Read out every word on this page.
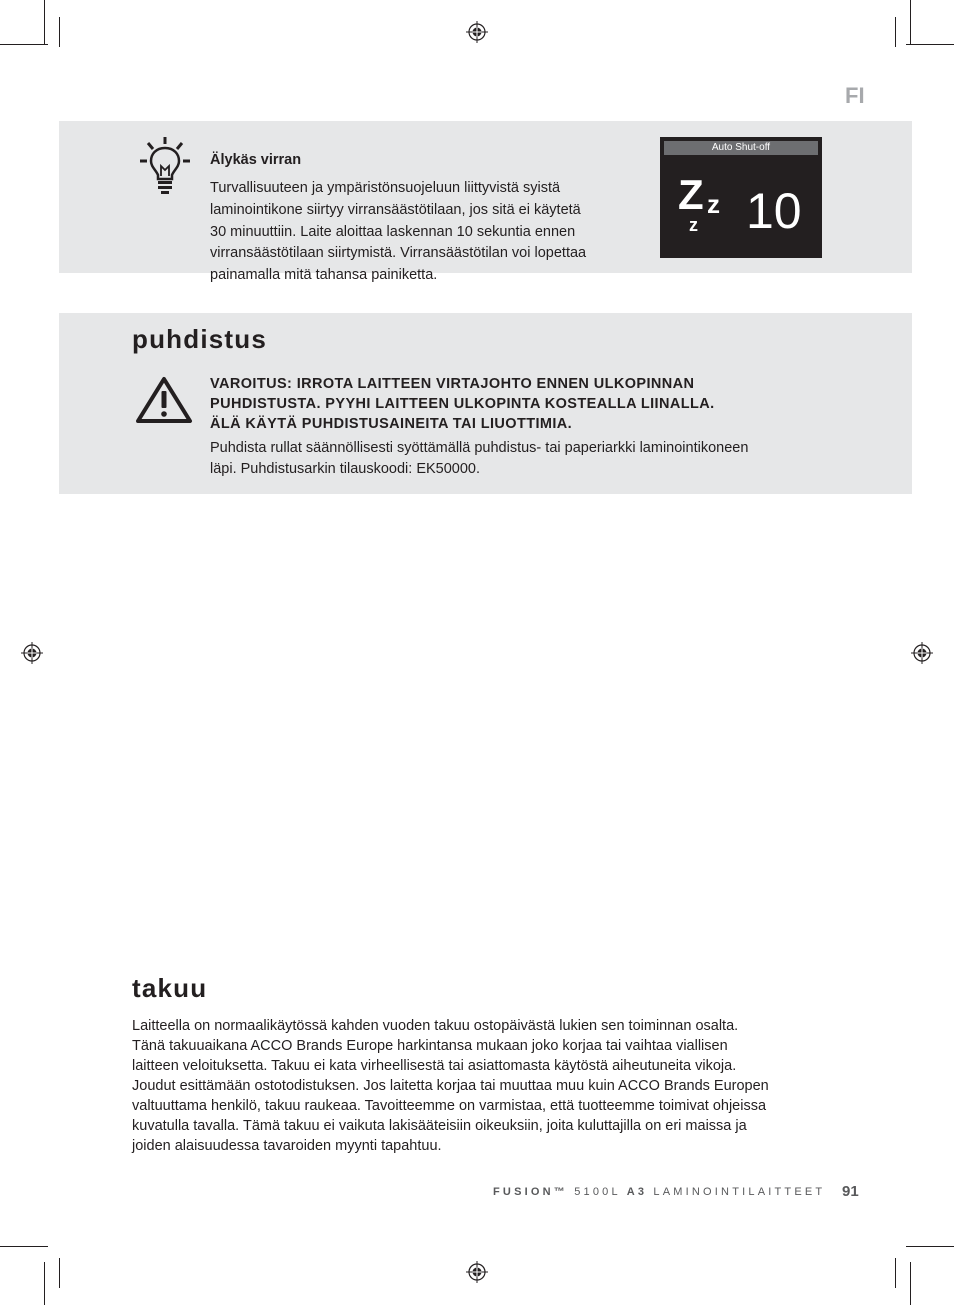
FI
Älykäs virran
Turvallisuuteen ja ympäristönsuojeluun liittyvistä syistä
laminointikone siirtyy virransäästötilaan, jos sitä ei käytetä
30 minuuttiin. Laite aloittaa laskennan 10 sekuntia ennen
virransäästötilaan siirtymistä. Virransäästötilan voi lopettaa
painamalla mitä tahansa painiketta.
Auto Shut-off
Z z
z 10
puhdistus
VAROITUS: IRROTA LAITTEEN VIRTAJOHTO ENNEN ULKOPINNAN
PUHDISTUSTA. PYYHI LAITTEEN ULKOPINTA KOSTEALLA LIINALLA.
ÄLÄ KÄYTÄ PUHDISTUSAINEITA TAI LIUOTTIMIA.
Puhdista rullat säännöllisesti syöttämällä puhdistus- tai paperiarkki laminointikoneen
läpi. Puhdistusarkin tilauskoodi: EK50000.
takuu
Laitteella on normaalikäytössä kahden vuoden takuu ostopäivästä lukien sen toiminnan osalta.
Tänä takuuaikana ACCO Brands Europe harkintansa mukaan joko korjaa tai vaihtaa viallisen
laitteen veloituksetta. Takuu ei kata virheellisestä tai asiattomasta käytöstä aiheutuneita vikoja.
Joudut esittämään ostotodistuksen. Jos laitetta korjaa tai muuttaa muu kuin ACCO Brands Europen
valtuuttama henkilö, takuu raukeaa. Tavoitteemme on varmistaa, että tuotteemme toimivat ohjeissa
kuvatulla tavalla. Tämä takuu ei vaikuta lakisääteisiin oikeuksiin, joita kuluttajilla on eri maissa ja
joiden alaisuudessa tavaroiden myynti tapahtuu.
FUSION™ 5100L A3 LAMINOINTILAITTEET 91
